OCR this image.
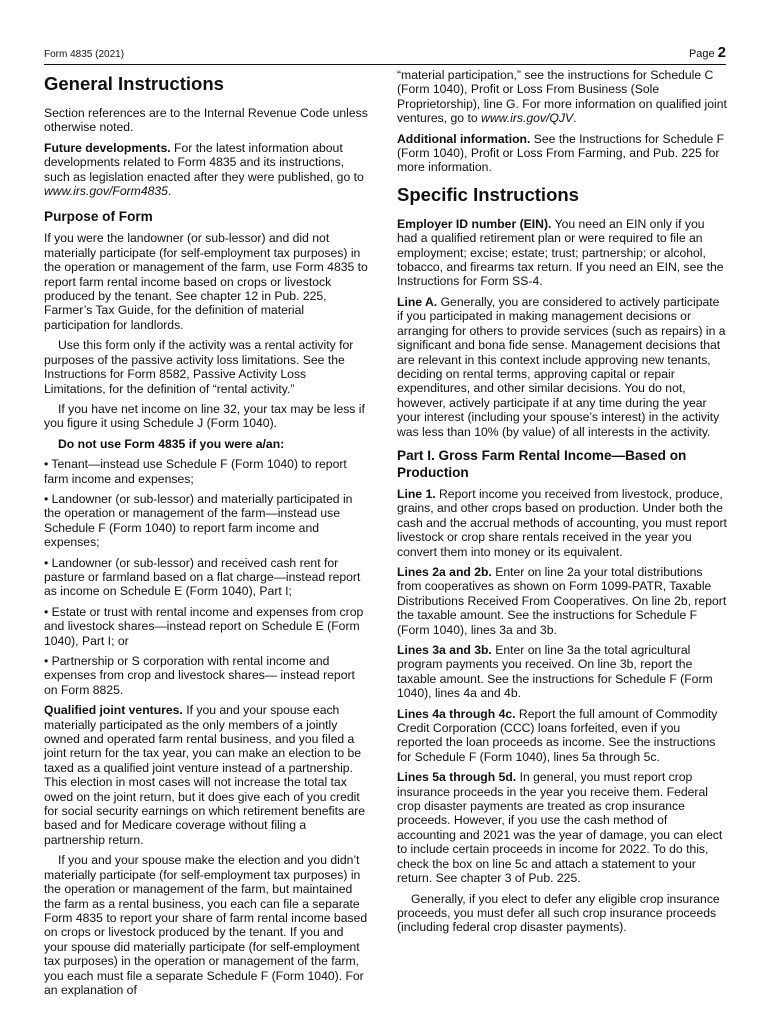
Form 4835 (2021)	Page 2
General Instructions

Section references are to the Internal Revenue Code unless otherwise noted.

Future developments. For the latest information about developments related to Form 4835 and its instructions, such as legislation enacted after they were published, go to www.irs.gov/Form4835.

Purpose of Form

If you were the landowner (or sub-lessor) and did not materially participate (for self-employment tax purposes) in the operation or management of the farm, use Form 4835 to report farm rental income based on crops or livestock produced by the tenant. See chapter 12 in Pub. 225, Farmer’s Tax Guide, for the definition of material participation for landlords.

Use this form only if the activity was a rental activity for purposes of the passive activity loss limitations. See the Instructions for Form 8582, Passive Activity Loss Limitations, for the definition of “rental activity.”

If you have net income on line 32, your tax may be less if you figure it using Schedule J (Form 1040).

Do not use Form 4835 if you were a/an:

• Tenant—instead use Schedule F (Form 1040) to report farm income and expenses;

• Landowner (or sub-lessor) and materially participated in the operation or management of the farm—instead use Schedule F (Form 1040) to report farm income and expenses;

• Landowner (or sub-lessor) and received cash rent for pasture or farmland based on a flat charge—instead report as income on Schedule E (Form 1040), Part I;

• Estate or trust with rental income and expenses from crop and livestock shares—instead report on Schedule E (Form 1040), Part I; or

• Partnership or S corporation with rental income and expenses from crop and livestock shares— instead report on Form 8825.

Qualified joint ventures. If you and your spouse each materially participated as the only members of a jointly owned and operated farm rental business, and you filed a joint return for the tax year, you can make an election to be taxed as a qualified joint venture instead of a partnership. This election in most cases will not increase the total tax owed on the joint return, but it does give each of you credit for social security earnings on which retirement benefits are based and for Medicare coverage without filing a partnership return.

If you and your spouse make the election and you didn’t materially participate (for self-employment tax purposes) in the operation or management of the farm, but maintained the farm as a rental business, you each can file a separate Form 4835 to report your share of farm rental income based on crops or livestock produced by the tenant. If you and your spouse did materially participate (for self-employment tax purposes) in the operation or management of the farm, you each must file a separate Schedule F (Form 1040). For an explanation of

“material participation,” see the instructions for Schedule C (Form 1040), Profit or Loss From Business (Sole Proprietorship), line G. For more information on qualified joint ventures, go to www.irs.gov/QJV.

Additional information. See the Instructions for Schedule F (Form 1040), Profit or Loss From Farming, and Pub. 225 for more information.

Specific Instructions

Employer ID number (EIN). You need an EIN only if you had a qualified retirement plan or were required to file an employment; excise; estate; trust; partnership; or alcohol, tobacco, and firearms tax return. If you need an EIN, see the Instructions for Form SS-4.

Line A. Generally, you are considered to actively participate if you participated in making management decisions or arranging for others to provide services (such as repairs) in a significant and bona fide sense. Management decisions that are relevant in this context include approving new tenants, deciding on rental terms, approving capital or repair expenditures, and other similar decisions. You do not, however, actively participate if at any time during the year your interest (including your spouse’s interest) in the activity was less than 10% (by value) of all interests in the activity.

Part I. Gross Farm Rental Income—Based on Production

Line 1. Report income you received from livestock, produce, grains, and other crops based on production. Under both the cash and the accrual methods of accounting, you must report livestock or crop share rentals received in the year you convert them into money or its equivalent.

Lines 2a and 2b. Enter on line 2a your total distributions from cooperatives as shown on Form 1099-PATR, Taxable Distributions Received From Cooperatives. On line 2b, report the taxable amount. See the instructions for Schedule F (Form 1040), lines 3a and 3b.

Lines 3a and 3b. Enter on line 3a the total agricultural program payments you received. On line 3b, report the taxable amount. See the instructions for Schedule F (Form 1040), lines 4a and 4b.

Lines 4a through 4c. Report the full amount of Commodity Credit Corporation (CCC) loans forfeited, even if you reported the loan proceeds as income. See the instructions for Schedule F (Form 1040), lines 5a through 5c.

Lines 5a through 5d. In general, you must report crop insurance proceeds in the year you receive them. Federal crop disaster payments are treated as crop insurance proceeds. However, if you use the cash method of accounting and 2021 was the year of damage, you can elect to include certain proceeds in income for 2022. To do this, check the box on line 5c and attach a statement to your return. See chapter 3 of Pub. 225.

Generally, if you elect to defer any eligible crop insurance proceeds, you must defer all such crop insurance proceeds (including federal crop disaster payments).
